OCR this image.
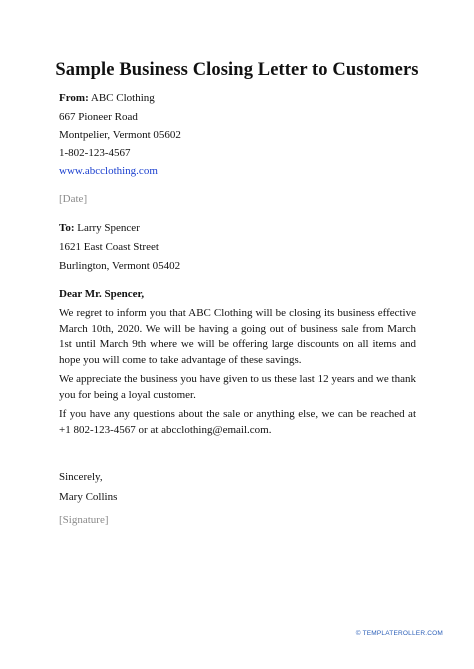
Sample Business Closing Letter to Customers
From: ABC Clothing
667 Pioneer Road
Montpelier, Vermont 05602
1-802-123-4567
www.abcclothing.com
[Date]
To: Larry Spencer
1621 East Coast Street
Burlington, Vermont 05402
Dear Mr. Spencer,
We regret to inform you that ABC Clothing will be closing its business effective March 10th, 2020. We will be having a going out of business sale from March 1st until March 9th where we will be offering large discounts on all items and hope you will come to take advantage of these savings.
We appreciate the business you have given to us these last 12 years and we thank you for being a loyal customer.
If you have any questions about the sale or anything else, we can be reached at +1 802-123-4567 or at abcclothing@email.com.
Sincerely,
Mary Collins
[Signature]
© TEMPLATEROLLER.COM
